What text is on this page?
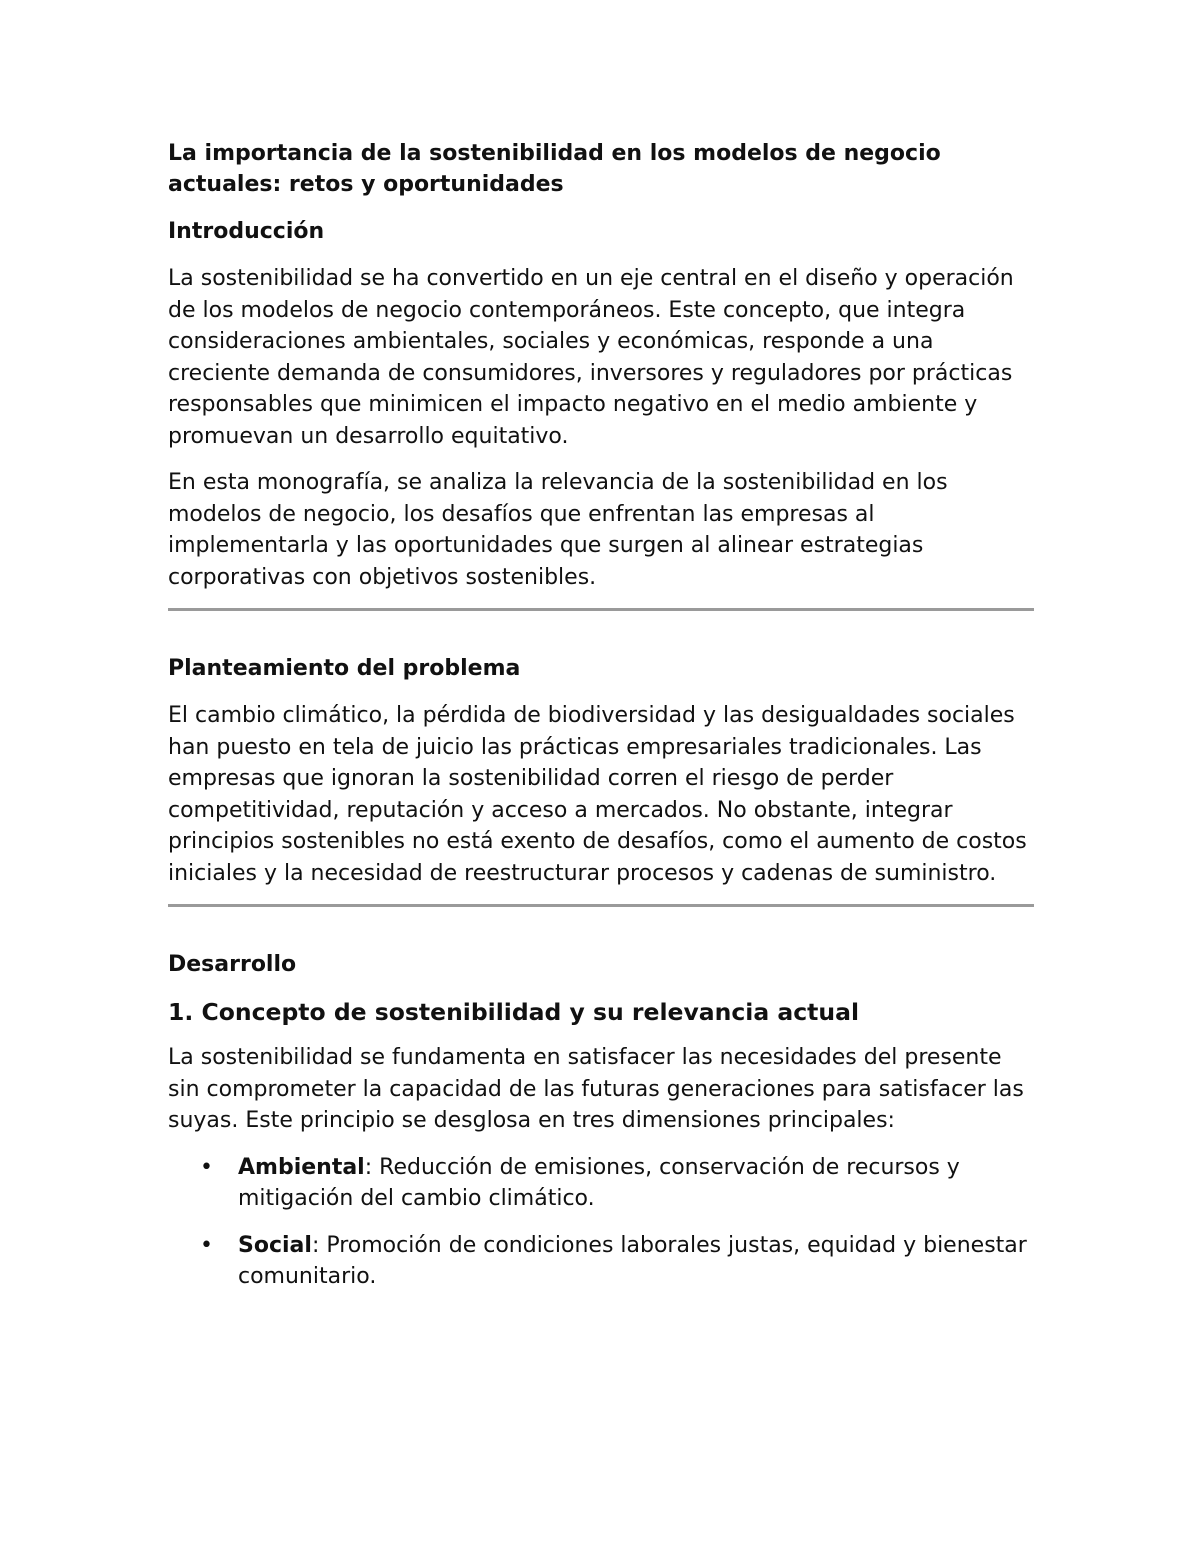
La importancia de la sostenibilidad en los modelos de negocio actuales: retos y oportunidades
Introducción

La sostenibilidad se ha convertido en un eje central en el diseño y operación de los modelos de negocio contemporáneos. Este concepto, que integra consideraciones ambientales, sociales y económicas, responde a una creciente demanda de consumidores, inversores y reguladores por prácticas responsables que minimicen el impacto negativo en el medio ambiente y promuevan un desarrollo equitativo.

En esta monografía, se analiza la relevancia de la sostenibilidad en los modelos de negocio, los desafíos que enfrentan las empresas al implementarla y las oportunidades que surgen al alinear estrategias corporativas con objetivos sostenibles.

Planteamiento del problema

El cambio climático, la pérdida de biodiversidad y las desigualdades sociales han puesto en tela de juicio las prácticas empresariales tradicionales. Las empresas que ignoran la sostenibilidad corren el riesgo de perder competitividad, reputación y acceso a mercados. No obstante, integrar principios sostenibles no está exento de desafíos, como el aumento de costos iniciales y la necesidad de reestructurar procesos y cadenas de suministro.

Desarrollo
1. Concepto de sostenibilidad y su relevancia actual

La sostenibilidad se fundamenta en satisfacer las necesidades del presente sin comprometer la capacidad de las futuras generaciones para satisfacer las suyas. Este principio se desglosa en tres dimensiones principales:

• Ambiental: Reducción de emisiones, conservación de recursos y mitigación del cambio climático.
• Social: Promoción de condiciones laborales justas, equidad y bienestar comunitario.
